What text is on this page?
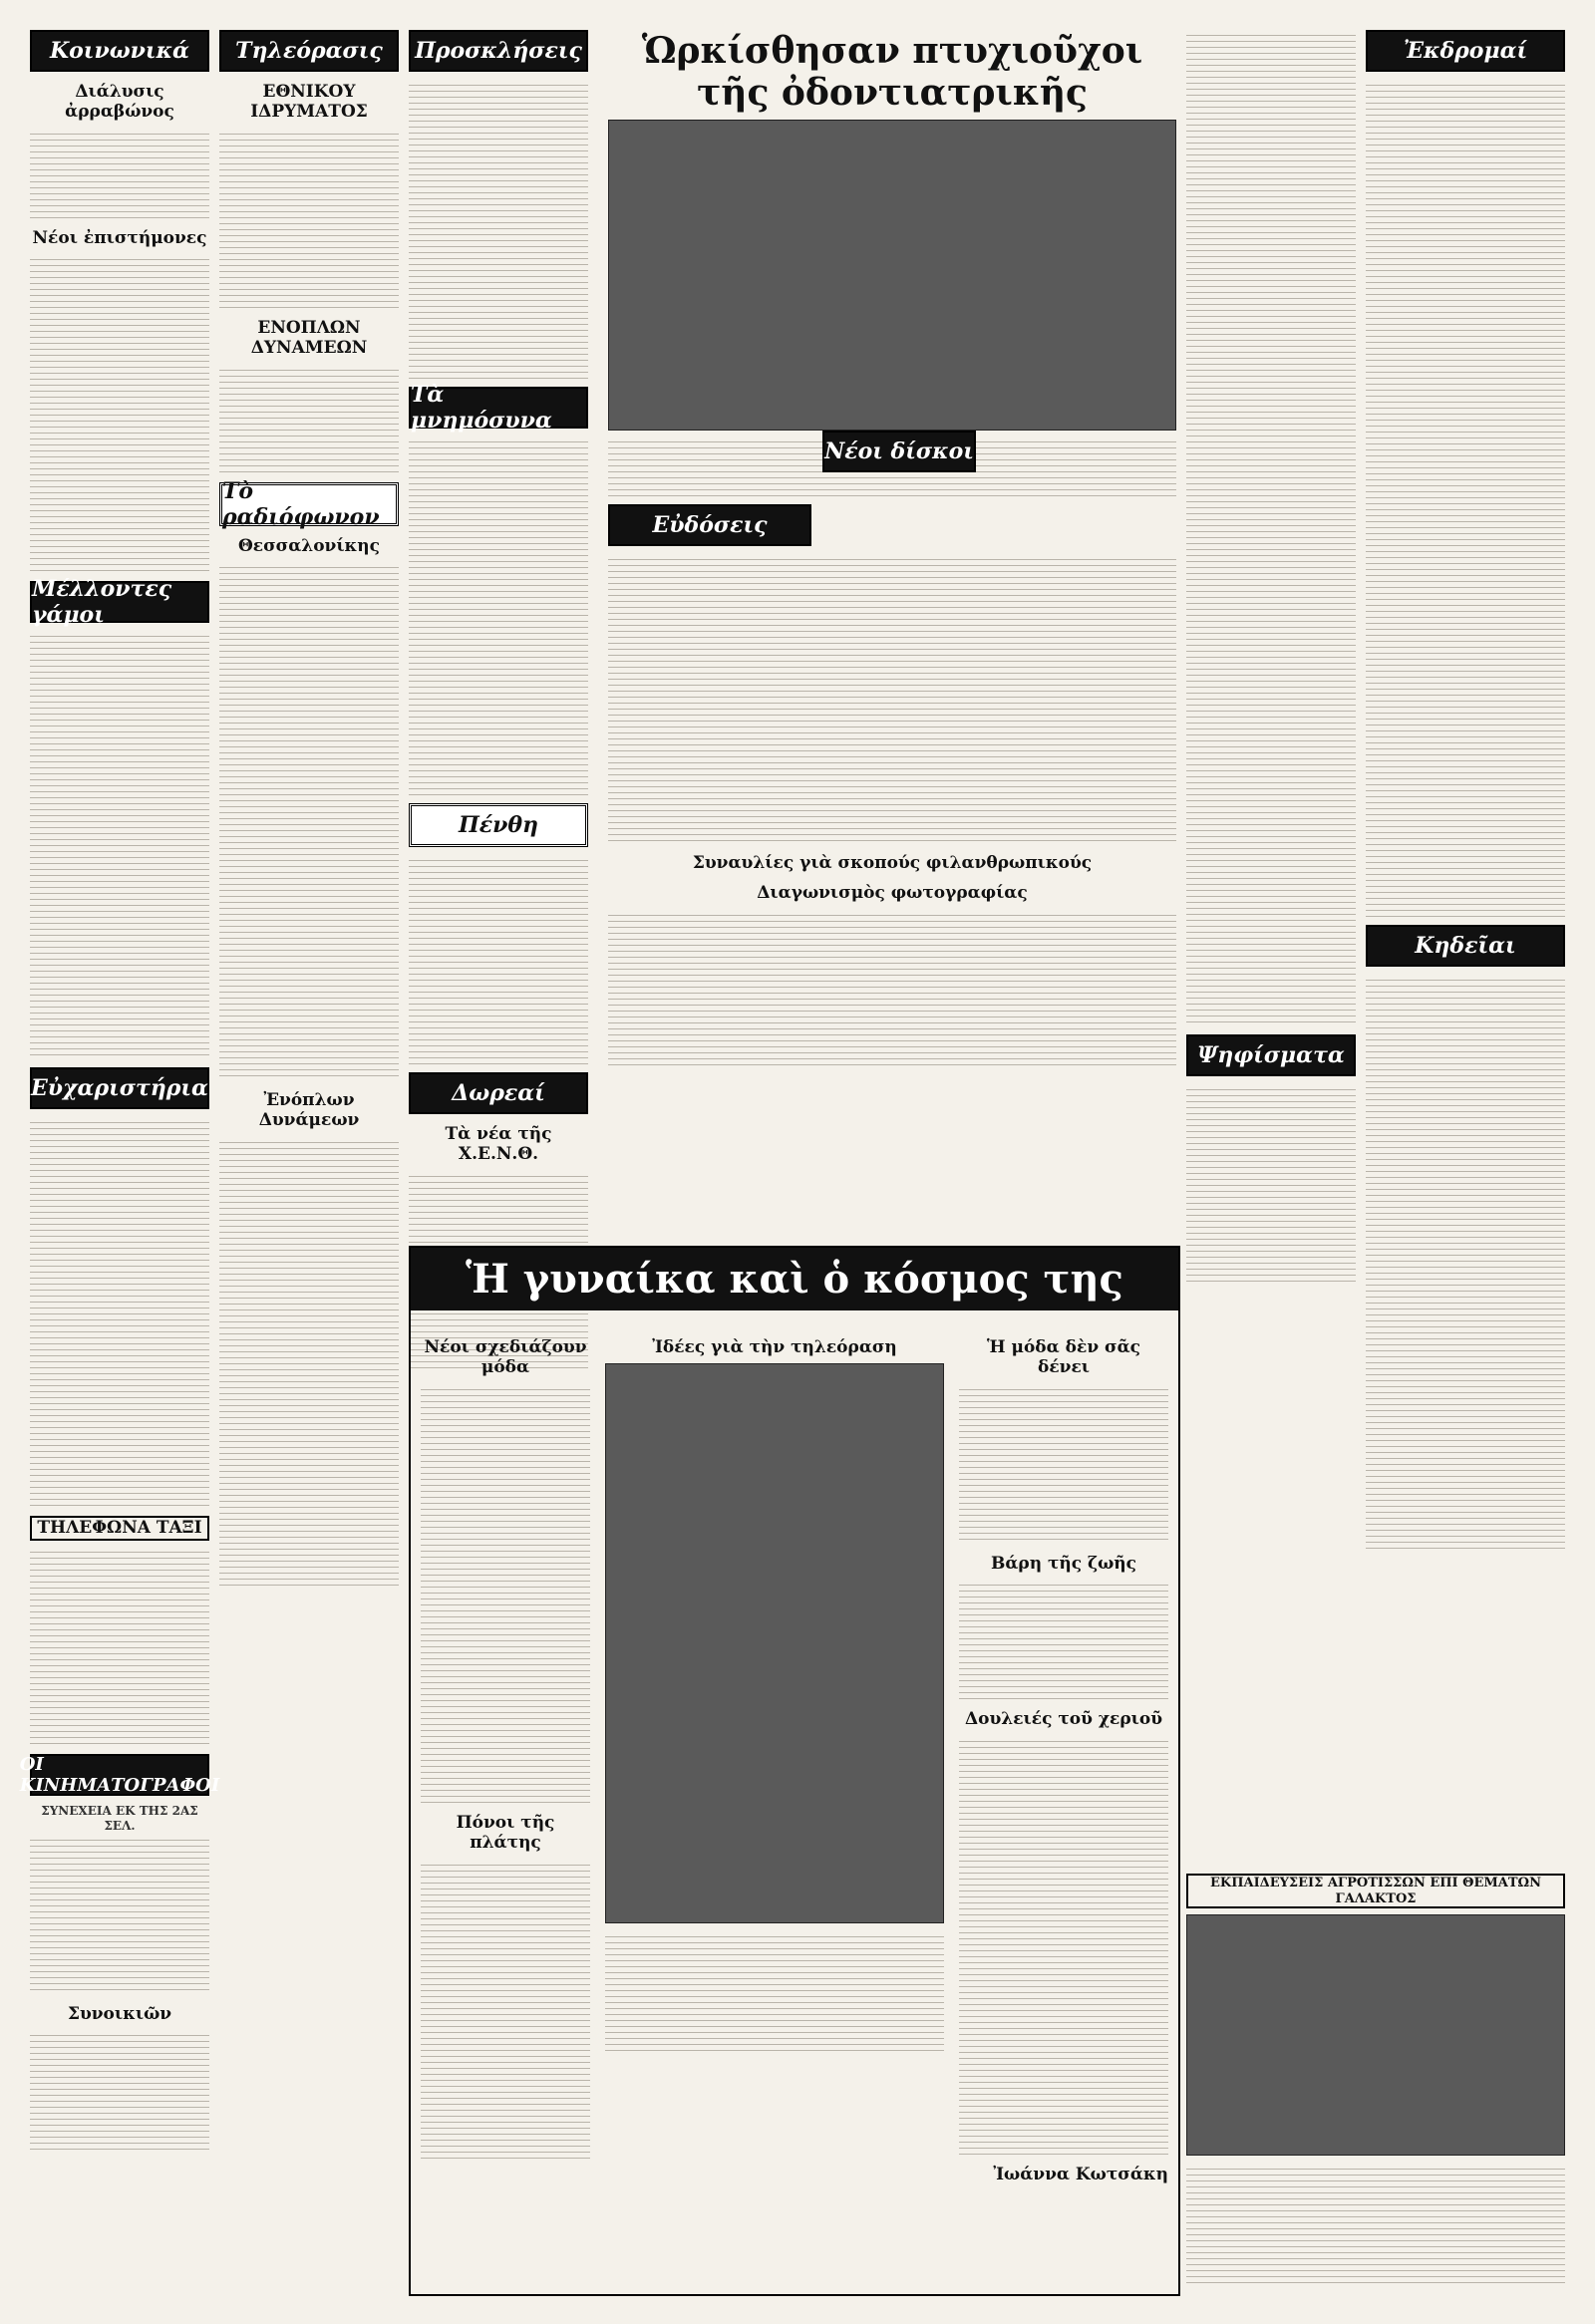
Κοινωνικά
Διάλυσις ἀρραβώνος
Νέοι ἐπιστήμονες
Μέλλοντες γάμοι
Εὐχαριστήρια
ΤΗΛΕΦΩΝΑ ΤΑΞΙ
ΟΙ ΚΙΝΗΜΑΤΟΓΡΑΦΟΙ
ΣΥΝΕΧΕΙΑ ΕΚ ΤΗΣ 2ΑΣ ΣΕΛ.
Συνοικιῶν
Τηλεόρασις
ΕΘΝΙΚΟΥ ΙΔΡΥΜΑΤΟΣ
ΕΝΟΠΛΩΝ ΔΥΝΑΜΕΩΝ
Τὸ ραδιόφωνον
Θεσσαλονίκης
Ἐνόπλων Δυνάμεων
Προσκλήσεις
Τὰ μνημόσυνα
Πένθη
Δωρεαί
Τὰ νέα τῆς Χ.Ε.Ν.Θ.
Ὡρκίσθησαν πτυχιοῦχοι τῆς ὀδοντιατρικῆς
Εὐδόσεις
Νέοι δίσκοι
Συναυλίες γιὰ σκοπούς φιλανθρωπικούς
Διαγωνισμὸς φωτογραφίας
Ψηφίσματα
Ἡ γυναίκα καὶ ὁ κόσμος της
Νέοι σχεδιάζουν μόδα
Πόνοι τῆς πλάτης
Ἰδέες γιὰ τὴν τηλεόραση	Ἡ μόδα δὲν σᾶς δένει
Βάρη τῆς ζωῆς
Δουλειές τοῦ χεριοῦ
Ἰωάννα Κωτσάκη
Ἐκδρομαί
Κηδεῖαι
ΕΚΠΑΙΔΕΥΣΕΙΣ ΑΓΡΟΤΙΣΣΩΝ ΕΠΙ ΘΕΜΑΤΩΝ ΓΑΛΑΚΤΟΣ
